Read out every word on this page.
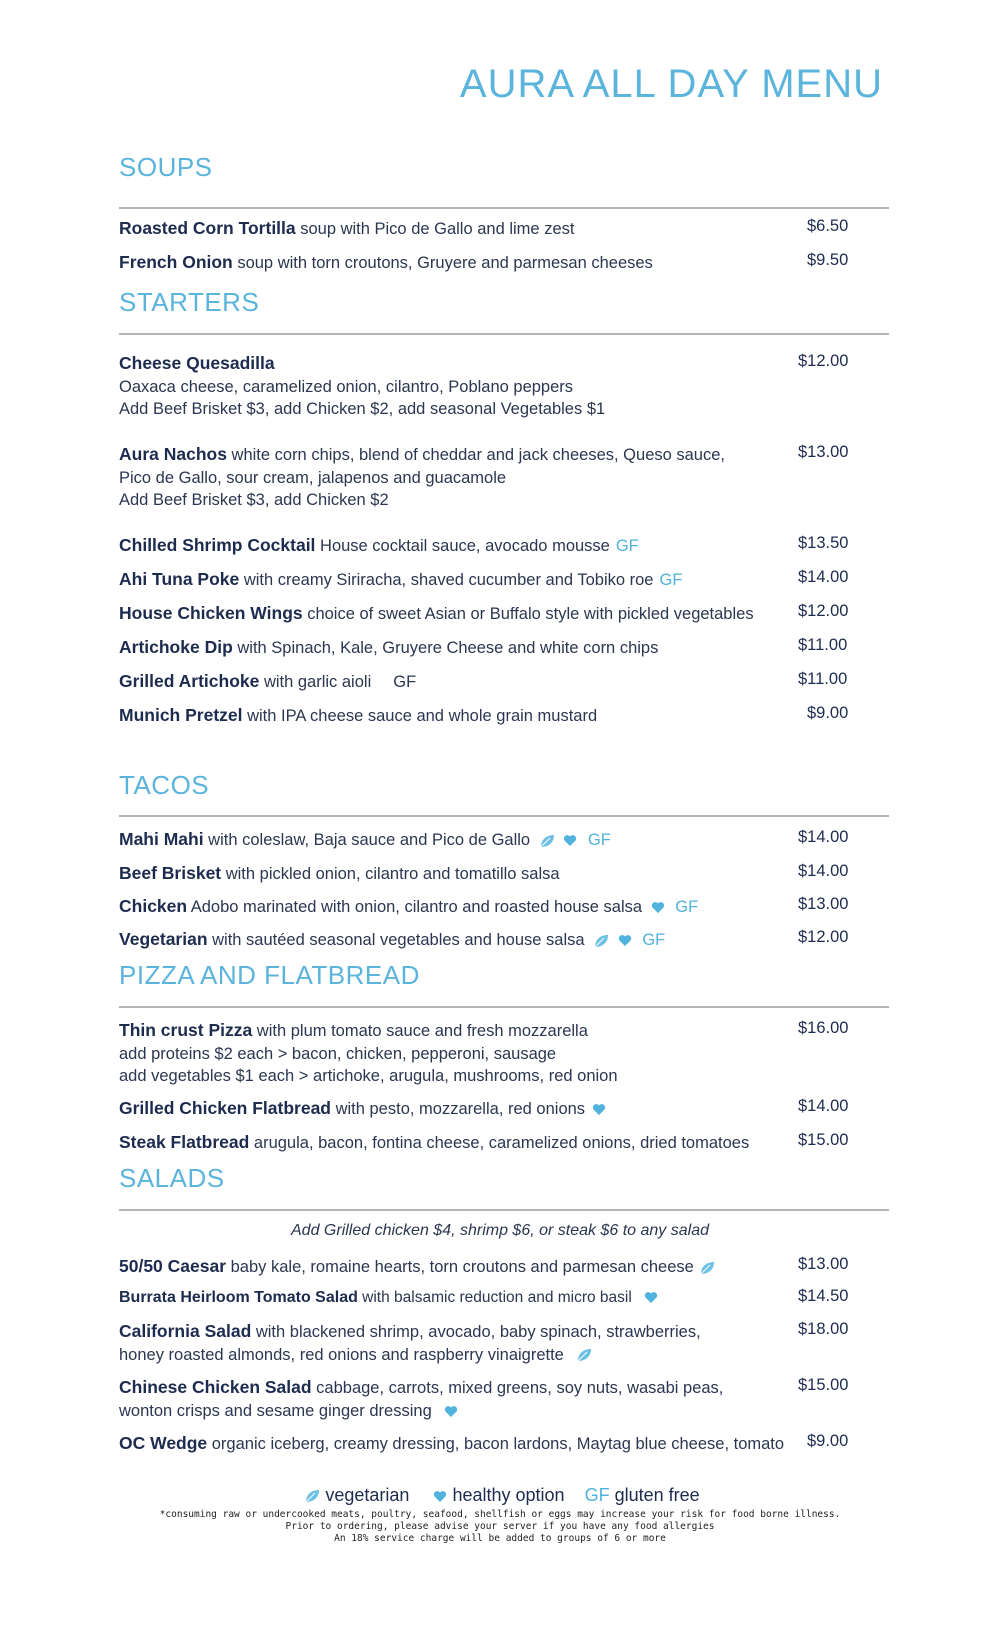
AURA ALL DAY MENU
SOUPS
Roasted Corn Tortilla soup with Pico de Gallo and lime zest	$6.50
French Onion soup with torn croutons, Gruyere and parmesan cheeses	$9.50
STARTERS
Cheese Quesadilla
Oaxaca cheese, caramelized onion, cilantro, Poblano peppers
Add Beef Brisket $3, add Chicken $2, add seasonal Vegetables $1
$12.00
Aura Nachos white corn chips, blend of cheddar and jack cheeses, Queso sauce,
Pico de Gallo, sour cream, jalapenos and guacamole
Add Beef Brisket $3, add Chicken $2
$13.00
Chilled Shrimp Cocktail House cocktail sauce, avocado mousse GF	$13.50
Ahi Tuna Poke with creamy Siriracha, shaved cucumber and Tobiko roe GF	$14.00
House Chicken Wings choice of sweet Asian or Buffalo style with pickled vegetables	$12.00
Artichoke Dip with Spinach, Kale, Gruyere Cheese and white corn chips	$11.00
Grilled Artichoke with garlic aioli GF	$11.00
Munich Pretzel with IPA cheese sauce and whole grain mustard	$9.00
TACOS
Mahi Mahi with coleslaw, Baja sauce and Pico de Gallo	GF	$14.00
Beef Brisket with pickled onion, cilantro and tomatillo salsa	$14.00
Chicken Adobo marinated with onion, cilantro and roasted house salsa GF	$13.00
Vegetarian with sautéed seasonal vegetables and house salsa	GF	$12.00
PIZZA AND FLATBREAD
Thin crust Pizza with plum tomato sauce and fresh mozzarella
add proteins $2 each > bacon, chicken, pepperoni, sausage
add vegetables $1 each > artichoke, arugula, mushrooms, red onion
$16.00
Grilled Chicken Flatbread with pesto, mozzarella, red onions	$14.00
Steak Flatbread arugula, bacon, fontina cheese, caramelized onions, dried tomatoes	$15.00
SALADS
Add Grilled chicken $4, shrimp $6, or steak $6 to any salad
50/50 Caesar baby kale, romaine hearts, torn croutons and parmesan cheese	$13.00
Burrata Heirloom Tomato Salad with balsamic reduction and micro basil	$14.50
California Salad with blackened shrimp, avocado, baby spinach, strawberries,
honey roasted almonds, red onions and raspberry vinaigrette
$18.00
Chinese Chicken Salad cabbage, carrots, mixed greens, soy nuts, wasabi peas,
wonton crisps and sesame ginger dressing
$15.00
OC Wedge organic iceberg, creamy dressing, bacon lardons, Maytag blue cheese, tomato	$9.00
vegetarian healthy option GF gluten free
*consuming raw or undercooked meats, poultry, seafood, shellfish or eggs may increase your risk for food borne illness.
Prior to ordering, please advise your server if you have any food allergies
An 18% service charge will be added to groups of 6 or more
